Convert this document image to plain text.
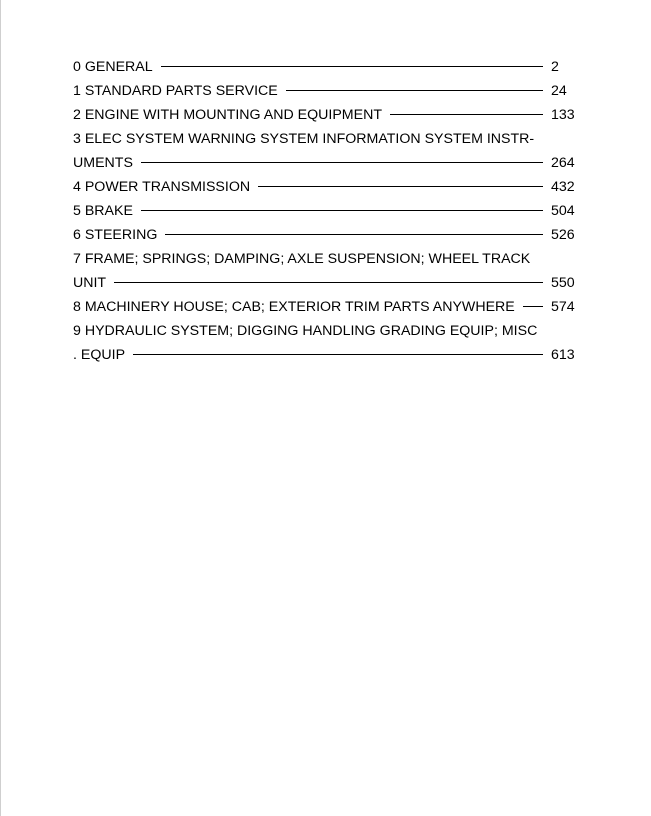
0 GENERAL	2
1 STANDARD PARTS SERVICE	24
2 ENGINE WITH MOUNTING AND EQUIPMENT	133
3 ELEC SYSTEM WARNING SYSTEM INFORMATION SYSTEM INSTR-
UMENTS	264
4 POWER TRANSMISSION	432
5 BRAKE	504
6 STEERING	526
7 FRAME; SPRINGS; DAMPING; AXLE SUSPENSION; WHEEL TRACK
UNIT	550
8 MACHINERY HOUSE; CAB; EXTERIOR TRIM PARTS ANYWHERE	574
9 HYDRAULIC SYSTEM; DIGGING HANDLING GRADING EQUIP; MISC
. EQUIP	613
